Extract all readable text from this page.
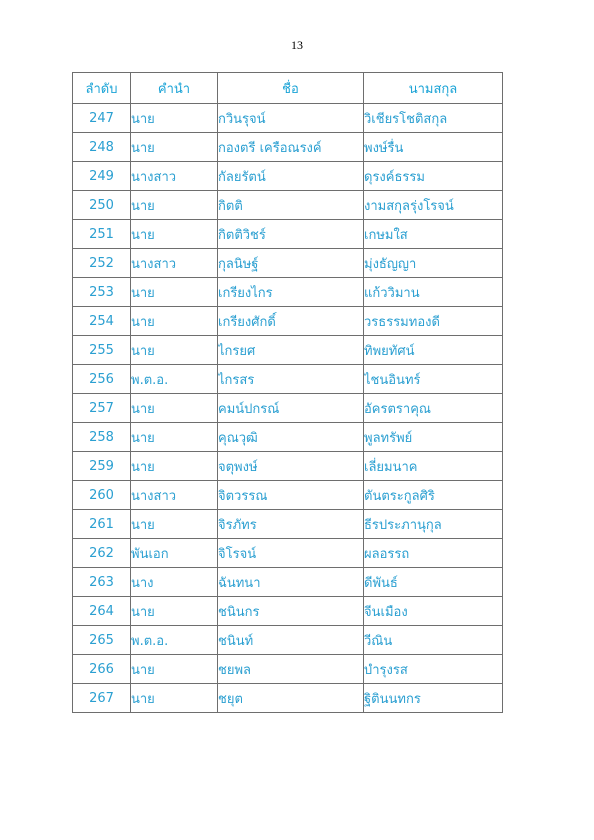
13
ลำดับ	คำนำ	ชื่อ	นามสกุล
247	นาย	กวินรุจน์	วิเชียรโชติสกุล
248	นาย	กองตรี เครือณรงค์	พงษ์รื่น
249	นางสาว	กัลยรัตน์	ดุรงค์ธรรม
250	นาย	กิตติ	งามสกุลรุ่งโรจน์
251	นาย	กิตติวิชร์	เกษมใส
252	นางสาว	กุลนิษฐ์	มุ่งธัญญา
253	นาย	เกรียงไกร	แก้ววิมาน
254	นาย	เกรียงศักดิ์	วรธรรมทองดี
255	นาย	ไกรยศ	ทิพยทัศน์
256	พ.ต.อ.	ไกรสร	ไชนอินทร์
257	นาย	คมน์ปกรณ์	อัครตราคุณ
258	นาย	คุณวุฒิ	พูลทรัพย์
259	นาย	จตุพงษ์	เลี่ยมนาค
260	นางสาว	จิตวรรณ	ตันตระกูลศิริ
261	นาย	จิรภัทร	ธีรประภานุกุล
262	พันเอก	จิโรจน์	ผลอรรถ
263	นาง	ฉันทนา	ดีพันธ์
264	นาย	ชนินกร	จีนเมือง
265	พ.ต.อ.	ชนินท์	วีณิน
266	นาย	ชยพล	บำรุงรส
267	นาย	ชยุต	ฐิตินนทกร
